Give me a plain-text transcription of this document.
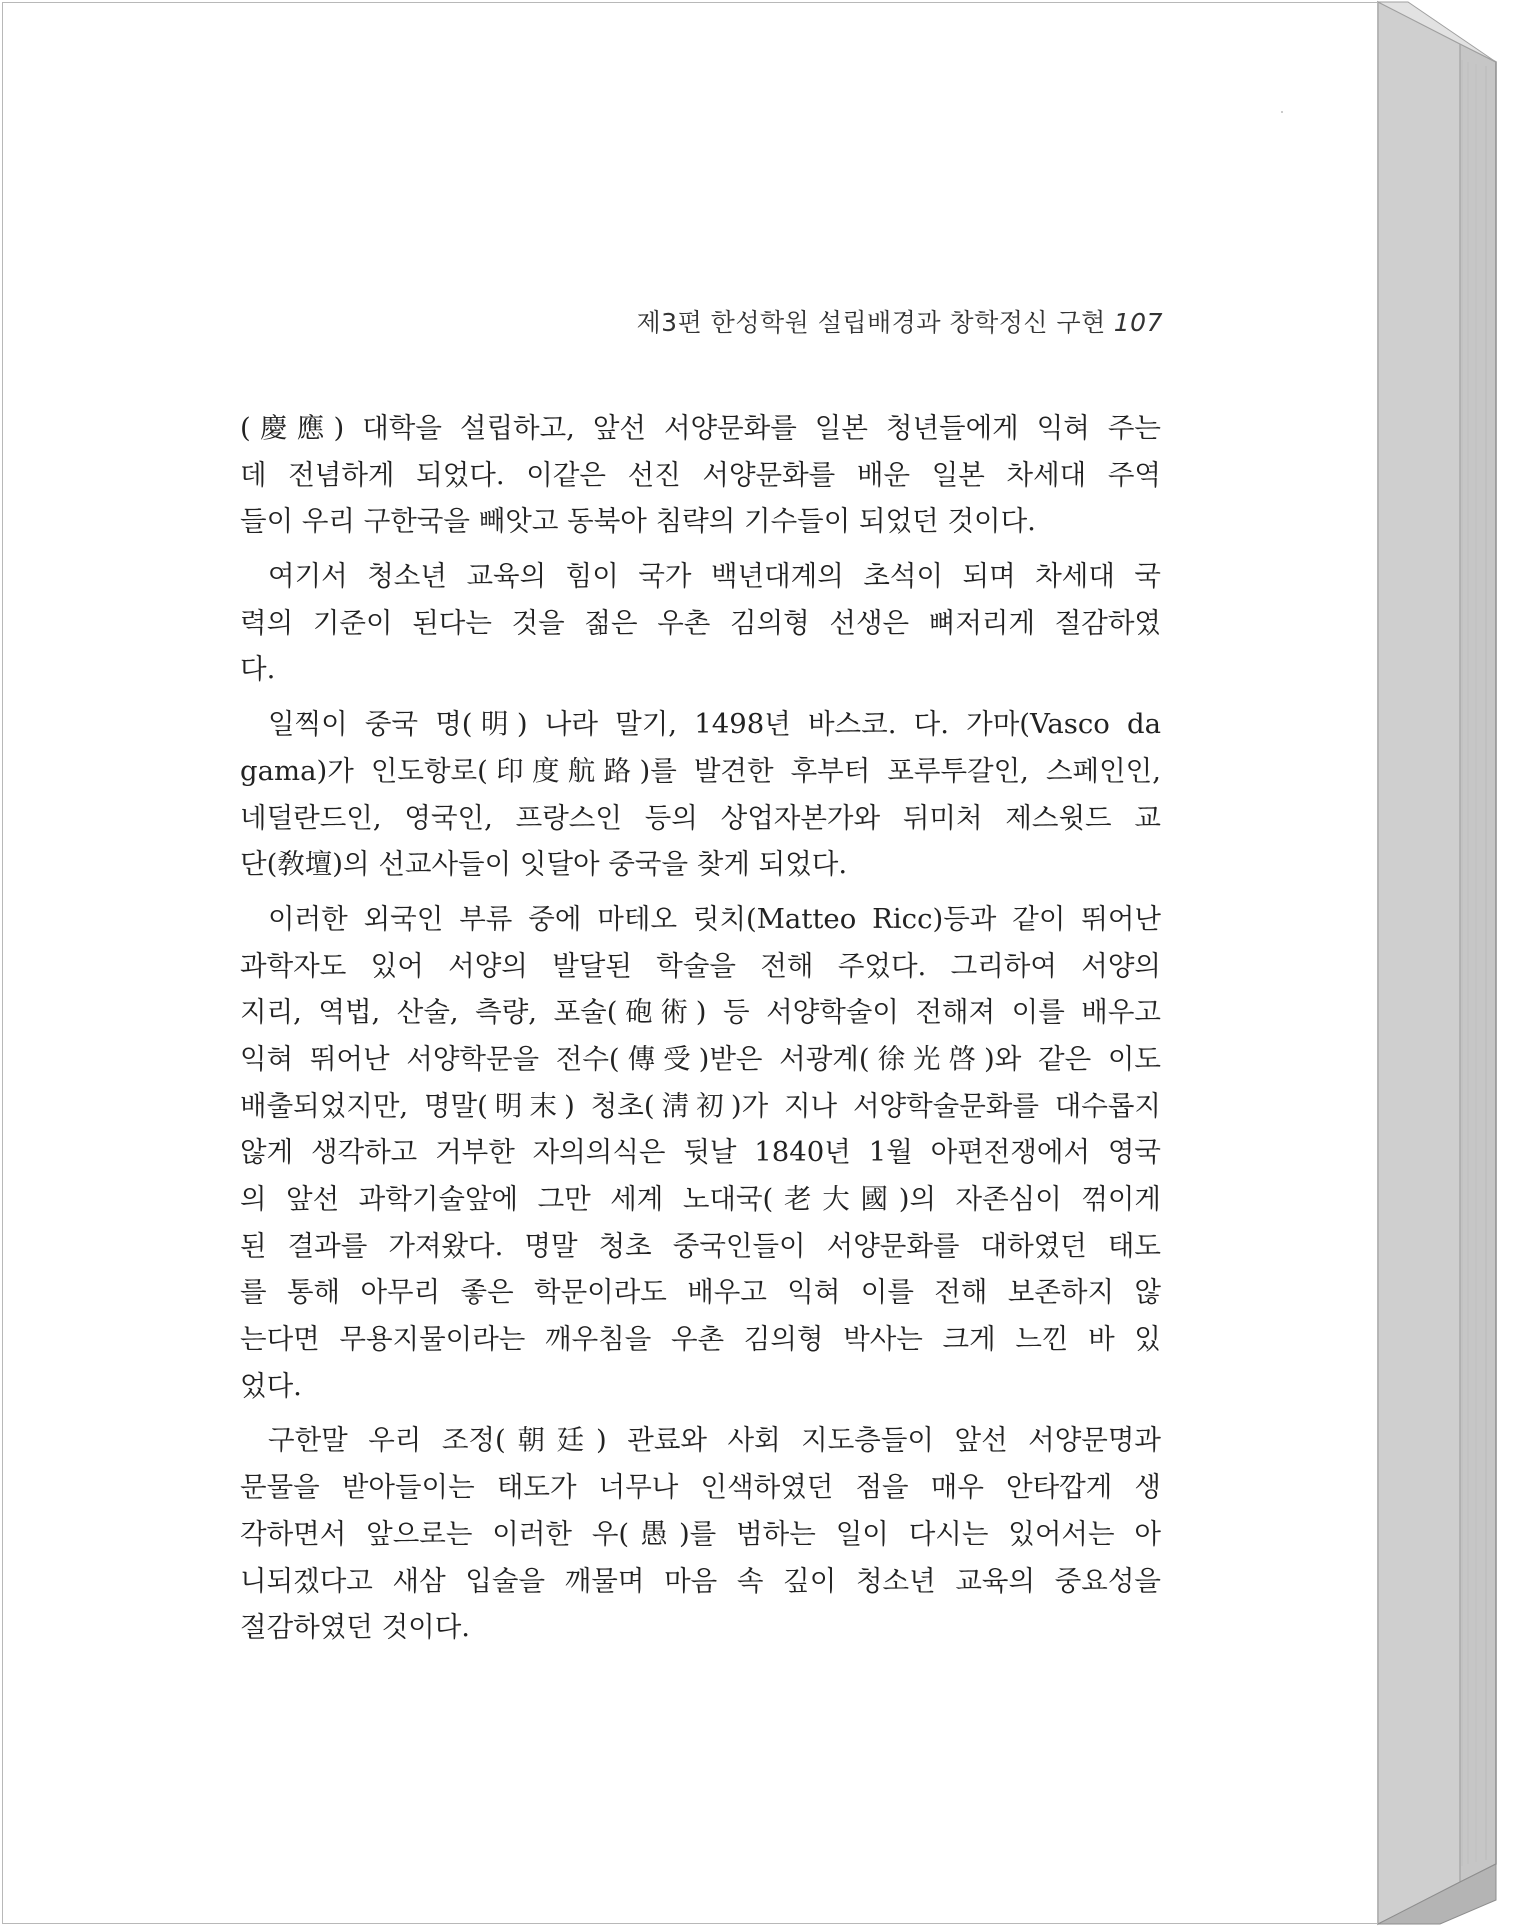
제3편 한성학원 설립배경과 창학정신 구현 107
(慶應) 대학을 설립하고, 앞선 서양문화를 일본 청년들에게 익혀 주는
데 전념하게 되었다. 이같은 선진 서양문화를 배운 일본 차세대 주역
들이 우리 구한국을 빼앗고 동북아 침략의 기수들이 되었던 것이다.
여기서 청소년 교육의 힘이 국가 백년대계의 초석이 되며 차세대 국
력의 기준이 된다는 것을 젊은 우촌 김의형 선생은 뼈저리게 절감하였
다.
일찍이 중국 명(明) 나라 말기, 1498년 바스코. 다. 가마(Vasco da
gama)가 인도항로(印度航路)를 발견한 후부터 포루투갈인, 스페인인,
네덜란드인, 영국인, 프랑스인 등의 상업자본가와 뒤미처 제스윗드 교
단(敎壇)의 선교사들이 잇달아 중국을 찾게 되었다.
이러한 외국인 부류 중에 마테오 릿치(Matteo Ricc)등과 같이 뛰어난
과학자도 있어 서양의 발달된 학술을 전해 주었다. 그리하여 서양의
지리, 역법, 산술, 측량, 포술(砲術) 등 서양학술이 전해져 이를 배우고
익혀 뛰어난 서양학문을 전수(傳受)받은 서광계(徐光啓)와 같은 이도
배출되었지만, 명말(明末) 청초(淸初)가 지나 서양학술문화를 대수롭지
않게 생각하고 거부한 자의의식은 뒷날 1840년 1월 아편전쟁에서 영국
의 앞선 과학기술앞에 그만 세계 노대국(老大國)의 자존심이 꺾이게
된 결과를 가져왔다. 명말 청초 중국인들이 서양문화를 대하였던 태도
를 통해 아무리 좋은 학문이라도 배우고 익혀 이를 전해 보존하지 않
는다면 무용지물이라는 깨우침을 우촌 김의형 박사는 크게 느낀 바 있
었다.
구한말 우리 조정(朝廷) 관료와 사회 지도층들이 앞선 서양문명과
문물을 받아들이는 태도가 너무나 인색하였던 점을 매우 안타깝게 생
각하면서 앞으로는 이러한 우(愚)를 범하는 일이 다시는 있어서는 아
니되겠다고 새삼 입술을 깨물며 마음 속 깊이 청소년 교육의 중요성을
절감하였던 것이다.
